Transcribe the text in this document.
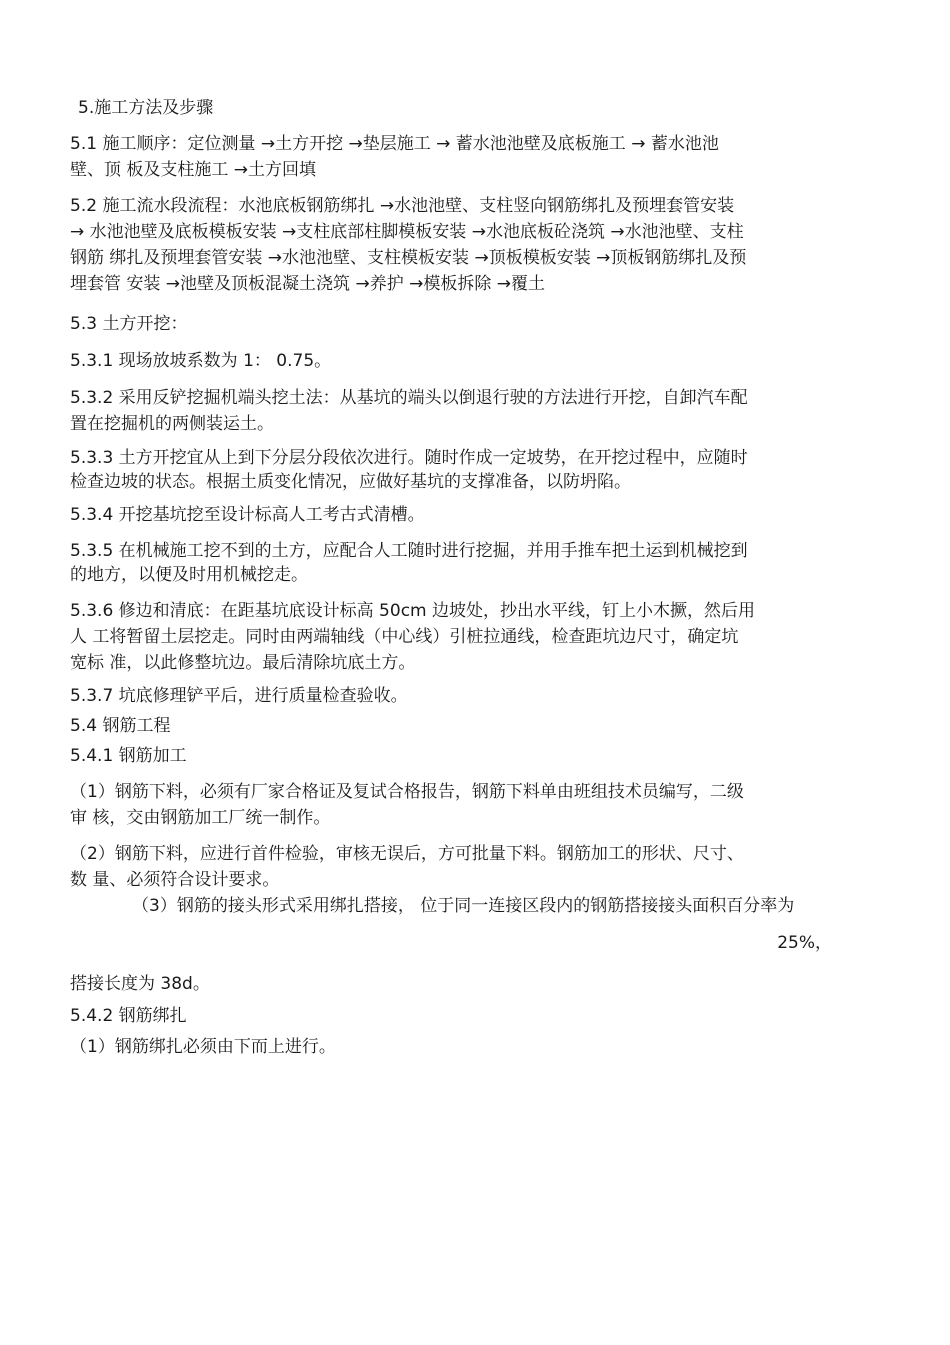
5.施工方法及步骤
5.1 施工顺序：定位测量 →土方开挖 →垫层施工 → 蓄水池池壁及底板施工 → 蓄水池池
壁、顶 板及支柱施工 →土方回填
5.2 施工流水段流程：水池底板钢筋绑扎 →水池池壁、支柱竖向钢筋绑扎及预埋套管安装
→ 水池池壁及底板模板安装 →支柱底部柱脚模板安装 →水池底板砼浇筑 →水池池壁、支柱
钢筋 绑扎及预埋套管安装 →水池池壁、支柱模板安装 →顶板模板安装 →顶板钢筋绑扎及预
埋套管 安装 →池壁及顶板混凝土浇筑 →养护 →模板拆除 →覆土
5.3 土方开挖：
5.3.1 现场放坡系数为 1： 0.75。
5.3.2 采用反铲挖掘机端头挖土法：从基坑的端头以倒退行驶的方法进行开挖，自卸汽车配
置在挖掘机的两侧装运土。
5.3.3 土方开挖宜从上到下分层分段依次进行。随时作成一定坡势，在开挖过程中，应随时
检查边坡的状态。根据土质变化情况，应做好基坑的支撑准备，以防坍陷。
5.3.4 开挖基坑挖至设计标高人工考古式清槽。
5.3.5 在机械施工挖不到的土方，应配合人工随时进行挖掘，并用手推车把土运到机械挖到
的地方，以便及时用机械挖走。
5.3.6 修边和清底：在距基坑底设计标高 50cm 边坡处，抄出水平线，钉上小木撅，然后用
人 工将暂留土层挖走。同时由两端轴线（中心线）引桩拉通线，检查距坑边尺寸，确定坑
宽标 准，以此修整坑边。最后清除坑底土方。
5.3.7 坑底修理铲平后，进行质量检查验收。
5.4 钢筋工程
5.4.1 钢筋加工
（1）钢筋下料，必须有厂家合格证及复试合格报告，钢筋下料单由班组技术员编写，二级
审 核，交由钢筋加工厂统一制作。
（2）钢筋下料，应进行首件检验，审核无误后，方可批量下料。钢筋加工的形状、尺寸、
数 量、必须符合设计要求。
（3）钢筋的接头形式采用绑扎搭接， 位于同一连接区段内的钢筋搭接接头面积百分率为
25%，
搭接长度为 38d。
5.4.2 钢筋绑扎
（1）钢筋绑扎必须由下而上进行。
